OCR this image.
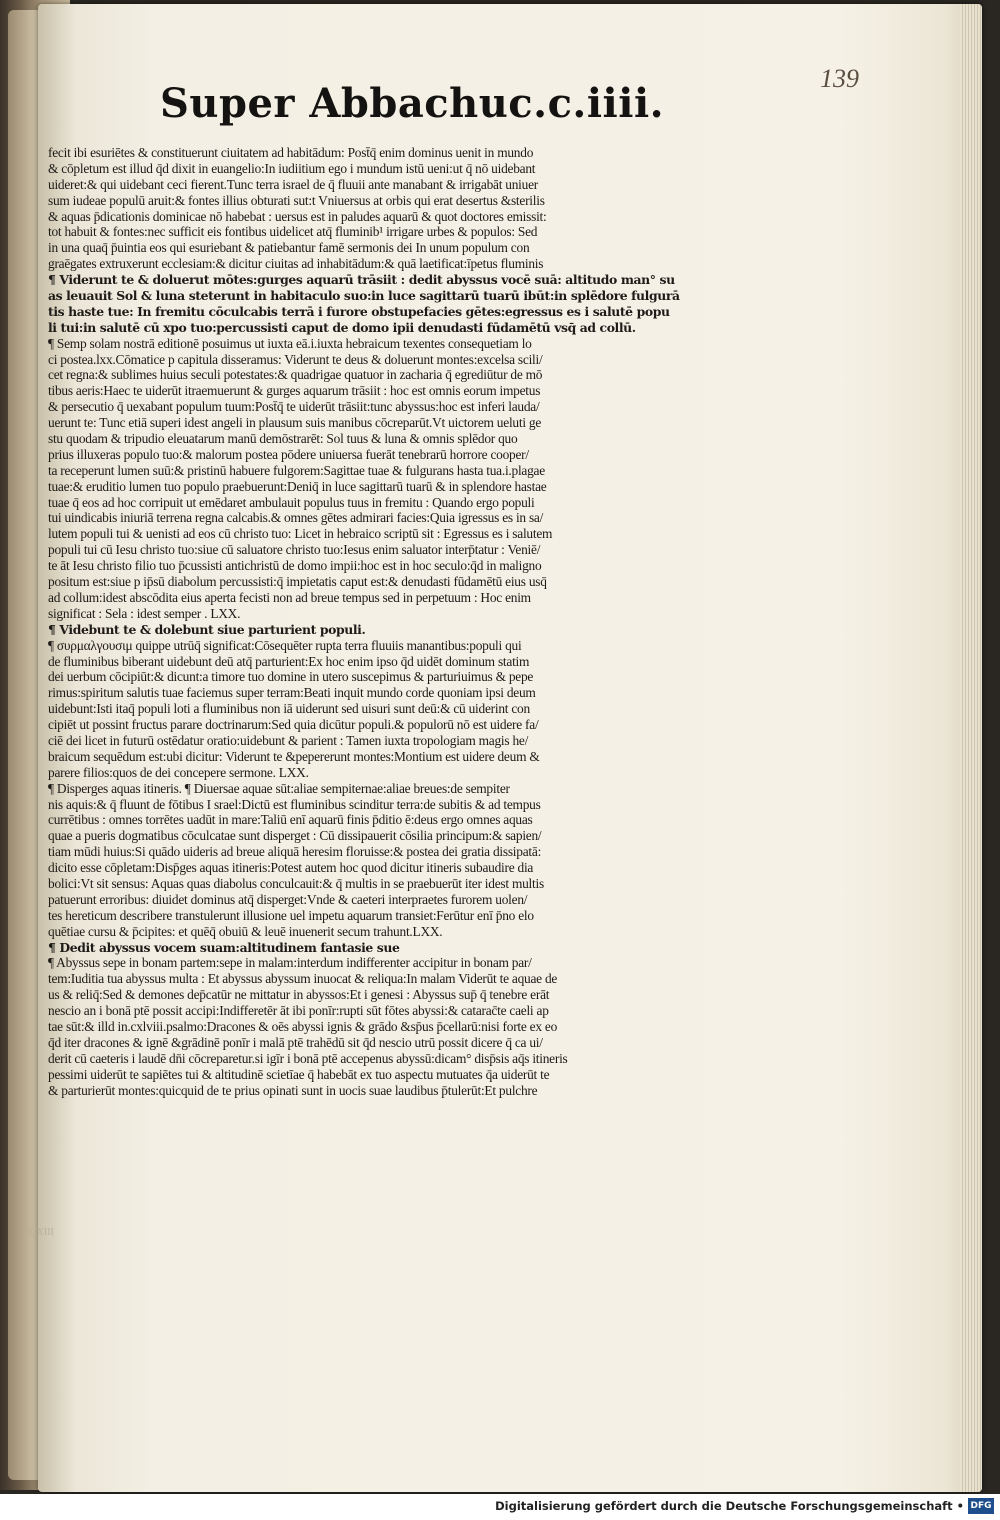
139
Super Abbachuc.c.iiii.
fecit ibi esuriētes & constituerunt ciuitatem ad habitādum: Post̄q̄ enim dominus uenit in mundo
& cōpletum est illud q̄d dixit in euangelio:In iudiitium ego i mundum istū ueni:ut q̄ nō uidebant
uideret:& qui uidebant ceci fierent.Tunc terra israel de q̄ fluuii ante manabant & irrigabāt uniuer
sum iudeae populū aruit:& fontes illius obturati sut:t Vniuersus at orbis qui erat desertus &sterilis
& aquas p̄dicationis dominicae nō habebat : uersus est in paludes aquarū & quot doctores emissit:
tot habuit & fontes:nec sufficit eis fontibus uidelicet atq̄ fluminib¹ irrigare urbes & populos: Sed
in una quaq̄ p̄uintia eos qui esuriebant & patiebantur famē sermonis dei In unum populum con
graēgates extruxerunt ecclesiam:& dicitur ciuitas ad inhabitādum:& quā laetificat:īpetus fluminis
¶ Viderunt te & doluerut mōtes:gurges aquarū trāsiit : dedit abyssus vocē suā: altitudo man° su
as leuauit Sol & luna steterunt in habitaculo suo:in luce sagittarū tuarū ibūt:in splēdore fulgurā
tis haste tue: In fremitu cōculcabis terrā i furore obstupefacies gētes:egressus es i salutē popu
li tui:in salutē cū xpo tuo:percussisti caput de domo ipii denudasti fūdamētū vsq̄ ad collū.
¶ Semp solam nostrā editionē posuimus ut iuxta eā.i.iuxta hebraicum texentes consequetiam lo
ci postea.lxx.Cōmatice p capitula disseramus: Viderunt te deus & doluerunt montes:excelsa scili/
cet regna:& sublimes huius seculi potestates:& quadrigae quatuor in zacharia q̄ egrediūtur de mō
tibus aeris:Haec te uiderūt itraemuerunt & gurges aquarum trāsiit : hoc est omnis eorum impetus
& persecutio q̄ uexabant populum tuum:Post̄q̄ te uiderūt trāsiit:tunc abyssus:hoc est inferi lauda/
uerunt te: Tunc etiā superi idest angeli in plausum suis manibus cōcreparūt.Vt uictorem ueluti ge
stu quodam & tripudio eleuatarum manū demōstrarēt: Sol tuus & luna & omnis splēdor quo
prius illuxeras populo tuo:& malorum postea pōdere uniuersa fuerāt tenebrarū horrore cooper/
ta receperunt lumen suū:& pristinū habuere fulgorem:Sagittae tuae & fulgurans hasta tua.i.plagae
tuae:& eruditio lumen tuo populo praebuerunt:Deniq̄ in luce sagittarū tuarū & in splendore hastae
tuae q̄ eos ad hoc corripuit ut emēdaret ambulauit populus tuus in fremitu : Quando ergo populi
tui uindicabis iniuriā terrena regna calcabis.& omnes gētes admirari facies:Quia igressus es in sa/
lutem populi tui & uenisti ad eos cū christo tuo: Licet in hebraico scriptū sit : Egressus es i salutem
populi tui cū Iesu christo tuo:siue cū saluatore christo tuo:Iesus enim saluator interp̄tatur : Veniē/
te āt Iesu christo filio tuo p̄cussisti antichristū de domo impii:hoc est in hoc seculo:q̄d in maligno
positum est:siue p ip̄sū diabolum percussisti:q̄ impietatis caput est:& denudasti fūdamētū eius usq̄
ad collum:idest abscōdita eius aperta fecisti non ad breue tempus sed in perpetuum : Hoc enim
significat : Sela : idest semper . LXX.
¶ Videbunt te & dolebunt siue parturient populi.
¶ συρμαλγουσιμ quippe utrūq̄ significat:Cōsequēter rupta terra fluuiis manantibus:populi qui
de fluminibus biberant uidebunt deū atq̄ parturient:Ex hoc enim ipso q̄d uidēt dominum statim
dei uerbum cōcipiūt:& dicunt:a timore tuo domine in utero suscepimus & parturiuimus & pepe
rimus:spiritum salutis tuae faciemus super terram:Beati inquit mundo corde quoniam ipsi deum
uidebunt:Isti itaq̄ populi loti a fluminibus non iā uiderunt sed uisuri sunt deū:& cū uiderint con
cipiēt ut possint fructus parare doctrinarum:Sed quia dicūtur populi.& populorū nō est uidere fa/
ciē dei licet in futurū ostēdatur oratio:uidebunt & parient : Tamen iuxta tropologiam magis he/
braicum sequēdum est:ubi dicitur: Viderunt te &pepererunt montes:Montium est uidere deum &
parere filios:quos de dei concepere sermone. LXX.
¶ Disperges aquas itineris. ¶ Diuersae aquae sūt:aliae sempiternae:aliae breues:de sempiter
nis aquis:& q̄ fluunt de fōtibus I srael:Dictū est fluminibus scinditur terra:de subitis & ad tempus
currētibus : omnes torrētes uadūt in mare:Taliū enī aquarū finis p̄ditio ē:deus ergo omnes aquas
quae a pueris dogmatibus cōculcatae sunt disperget : Cū dissipauerit cōsilia principum:& sapien/
tiam mūdi huius:Si quādo uideris ad breue aliquā heresim floruisse:& postea dei gratia dissipatā:
dicito esse cōpletam:Disp̄ges aquas itineris:Potest autem hoc quod dicitur itineris subaudire dia
bolici:Vt sit sensus: Aquas quas diabolus conculcauit:& q̄ multis in se praebuerūt iter idest multis
patuerunt erroribus: diuidet dominus atq̄ disperget:Vnde & caeteri interpraetes furorem uolen/
tes hereticum describere transtulerunt illusione uel impetu aquarum transiet:Ferūtur enī p̄no elo
quētiae cursu & p̄cipites: et quēq̄ obuiū & leuē inuenerit secum trahunt.LXX.
¶ Dedit abyssus vocem suam:altitudinem fantasie sue
¶ Abyssus sepe in bonam partem:sepe in malam:interdum indifferenter accipitur in bonam par/
tem:Iuditia tua abyssus multa : Et abyssus abyssum inuocat & reliqua:In malam Viderūt te aquae de
us & reliq̄:Sed & demones dep̄catūr ne mittatur in abyssos:Et i genesi : Abyssus sup̄ q̄ tenebre erāt
nescio an i bonā ptē possit accipi:Indifferetēr āt ibi ponīr:rupti sūt fōtes abyssi:& catarac̄te caeli ap
tae sūt:& illd in.cxlviii.psalmo:Dracones & oēs abyssi ignis & grādo &sp̄us p̄cellarū:nisi forte ex eo
q̄d iter dracones & ignē &grādinē ponīr i malā ptē trahēdū sit q̄d nescio utrū possit dicere q̄ ca ui/
derit cū caeteris i laudē dn̄i cōcreparetur.si igīr i bonā ptē accepenus abyssū:dicam° disp̄sis aq̄s itineris
pessimi uiderūt te sapiētes tui & altitudinē scietīae q̄ habebāt ex tuo aspectu mutuates q̄a uiderūt te
& parturierūt montes:quicquid de te prius opinati sunt in uocis suae laudibus p̄tulerūt:Et pulchre
CXIII
Digitalisierung gefördert durch die Deutsche Forschungsgemeinschaft • DFG
